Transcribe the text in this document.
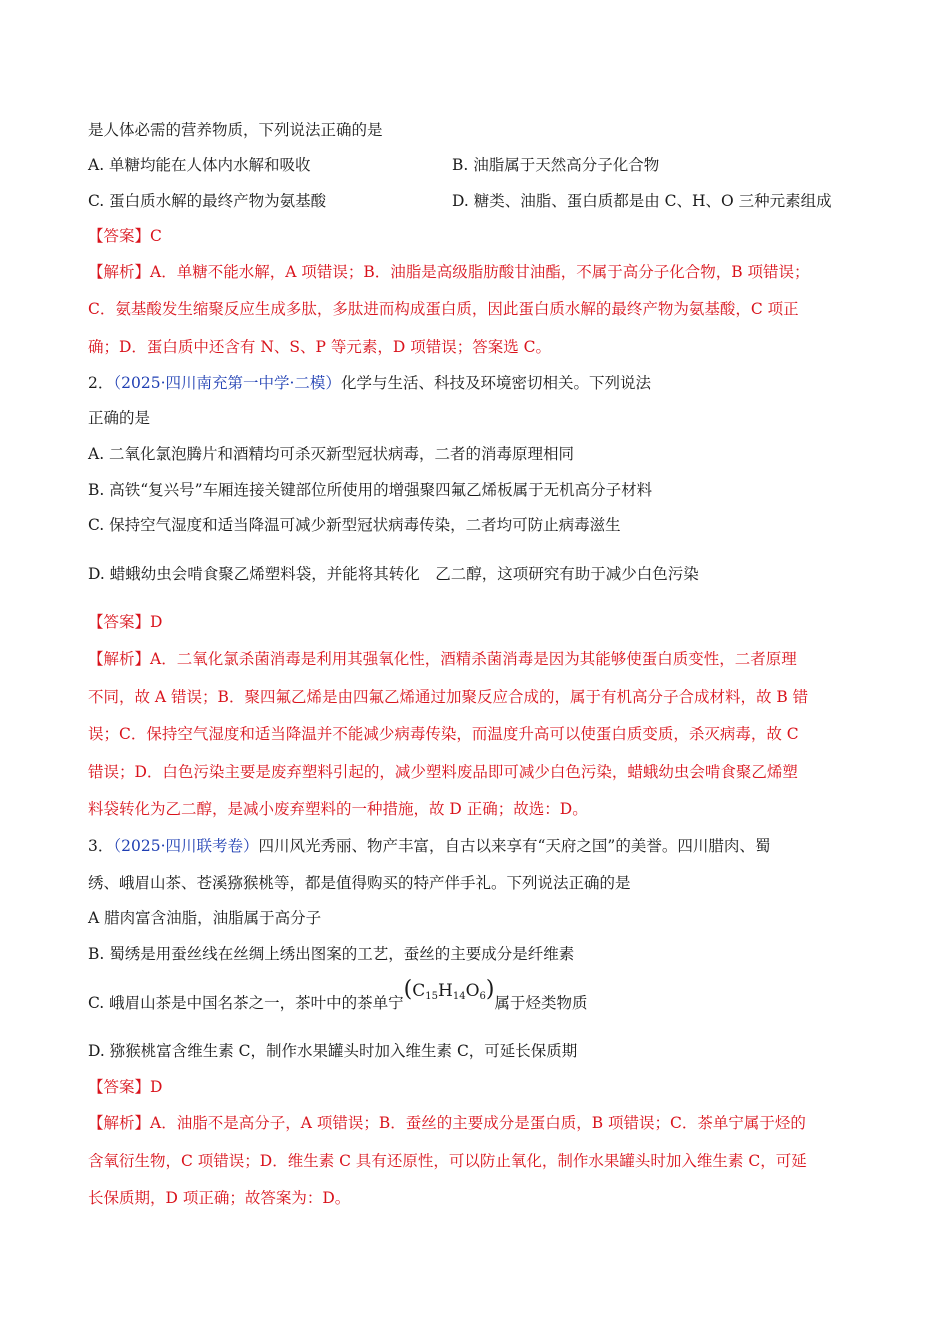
是人体必需的营养物质，下列说法正确的是
A. 单糖均能在人体内水解和吸收	B. 油脂属于天然高分子化合物
C. 蛋白质水解的最终产物为氨基酸	D. 糖类、油脂、蛋白质都是由 C、H、O 三种元素组成
【答案】C
【解析】A．单糖不能水解，A 项错误；B．油脂是高级脂肪酸甘油酯，不属于高分子化合物，B 项错误；
C．氨基酸发生缩聚反应生成多肽，多肽进而构成蛋白质，因此蛋白质水解的最终产物为氨基酸，C 项正
确；D．蛋白质中还含有 N、S、P 等元素，D 项错误；答案选 C。
2．（2025·四川南充第一中学·二模）化学与生活、科技及环境密切相关。下列说法
正确的是
A. 二氧化氯泡腾片和酒精均可杀灭新型冠状病毒，二者的消毒原理相同
B. 高铁“复兴号”车厢连接关键部位所使用的增强聚四氟乙烯板属于无机高分子材料
C. 保持空气湿度和适当降温可减少新型冠状病毒传染，二者均可防止病毒滋生
D. 蜡蛾幼虫会啃食聚乙烯塑料袋，并能将其转化　乙二醇，这项研究有助于减少白色污染
【答案】D
【解析】A．二氧化氯杀菌消毒是利用其强氧化性，酒精杀菌消毒是因为其能够使蛋白质变性，二者原理
不同，故 A 错误；B．聚四氟乙烯是由四氟乙烯通过加聚反应合成的，属于有机高分子合成材料，故 B 错
误；C．保持空气湿度和适当降温并不能减少病毒传染，而温度升高可以使蛋白质变质，杀灭病毒，故 C
错误；D．白色污染主要是废弃塑料引起的，减少塑料废品即可减少白色污染，蜡蛾幼虫会啃食聚乙烯塑
料袋转化为乙二醇，是减小废弃塑料的一种措施，故 D 正确；故选：D。
3．（2025·四川联考卷）四川风光秀丽、物产丰富，自古以来享有“天府之国”的美誉。四川腊肉、蜀
绣、峨眉山茶、苍溪猕猴桃等，都是值得购买的特产伴手礼。下列说法正确的是
A 腊肉富含油脂，油脂属于高分子
B. 蜀绣是用蚕丝线在丝绸上绣出图案的工艺，蚕丝的主要成分是纤维素
C. 峨眉山茶是中国名茶之一，茶叶中的茶单宁$(C_{15}H_{14}O_6)$属于烃类物质
D. 猕猴桃富含维生素 C，制作水果罐头时加入维生素 C，可延长保质期
【答案】D
【解析】A．油脂不是高分子，A 项错误；B．蚕丝的主要成分是蛋白质，B 项错误；C．茶单宁属于烃的
含氧衍生物，C 项错误；D．维生素 C 具有还原性，可以防止氧化，制作水果罐头时加入维生素 C，可延
长保质期，D 项正确；故答案为：D。
